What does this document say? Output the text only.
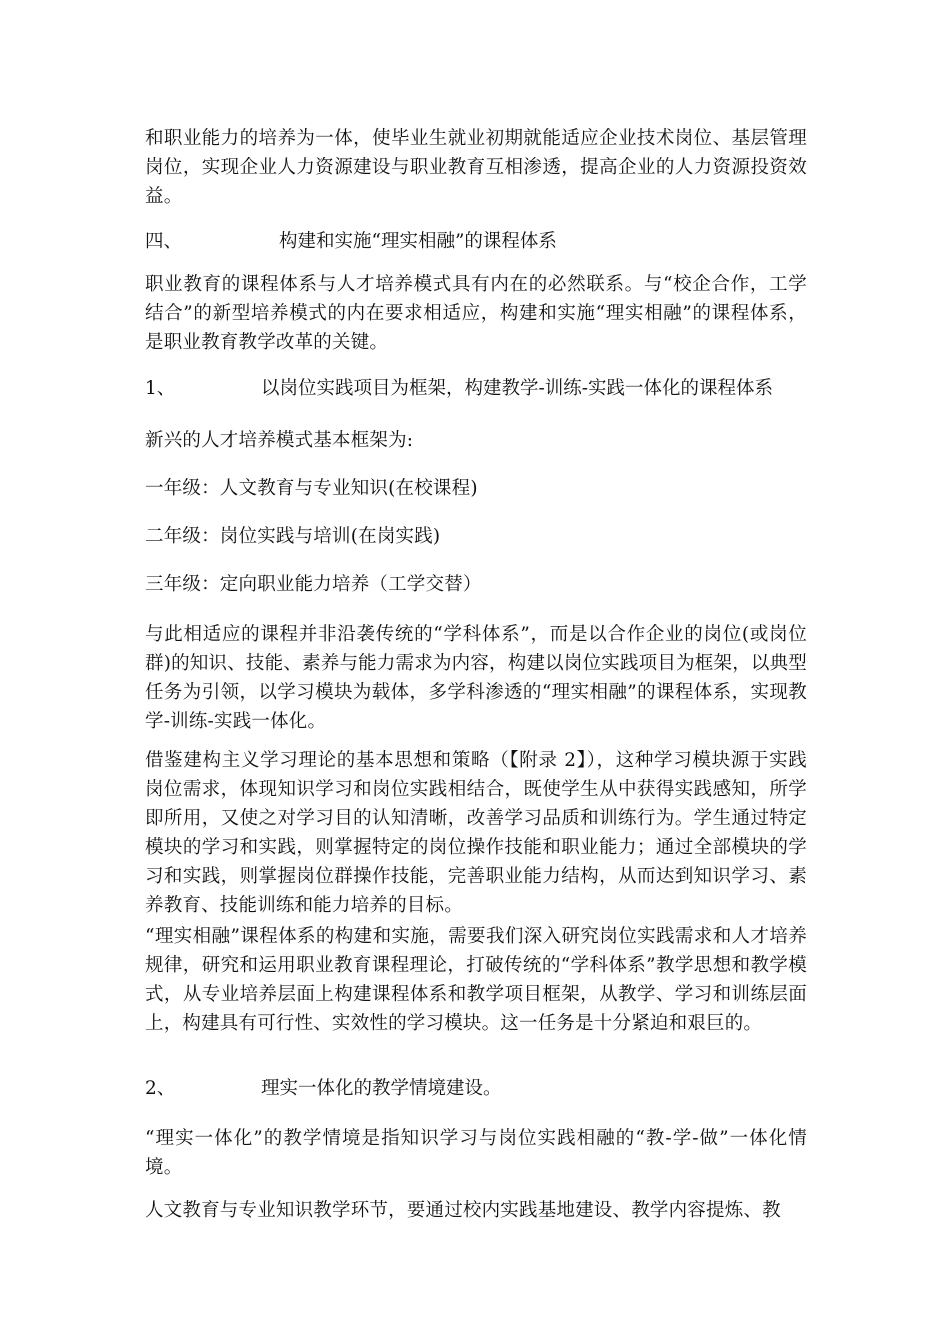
和职业能力的培养为一体，使毕业生就业初期就能适应企业技术岗位、基层管理岗位，实现企业人力资源建设与职业教育互相渗透，提高企业的人力资源投资效益。

四、	构建和实施“理实相融”的课程体系

职业教育的课程体系与人才培养模式具有内在的必然联系。与“校企合作，工学结合”的新型培养模式的内在要求相适应，构建和实施“理实相融”的课程体系，是职业教育教学改革的关键。

1、	以岗位实践项目为框架，构建教学-训练-实践一体化的课程体系

新兴的人才培养模式基本框架为:

一年级：人文教育与专业知识(在校课程)

二年级：岗位实践与培训(在岗实践)

三年级：定向职业能力培养（工学交替）

与此相适应的课程并非沿袭传统的“学科体系”，而是以合作企业的岗位(或岗位群)的知识、技能、素养与能力需求为内容，构建以岗位实践项目为框架，以典型任务为引领，以学习模块为载体，多学科渗透的“理实相融”的课程体系，实现教学-训练-实践一体化。

借鉴建构主义学习理论的基本思想和策略（【附录 2】），这种学习模块源于实践岗位需求，体现知识学习和岗位实践相结合，既使学生从中获得实践感知，所学即所用，又使之对学习目的认知清晰，改善学习品质和训练行为。学生通过特定模块的学习和实践，则掌握特定的岗位操作技能和职业能力；通过全部模块的学习和实践，则掌握岗位群操作技能，完善职业能力结构，从而达到知识学习、素养教育、技能训练和能力培养的目标。

“理实相融”课程体系的构建和实施，需要我们深入研究岗位实践需求和人才培养规律，研究和运用职业教育课程理论，打破传统的“学科体系”教学思想和教学模式，从专业培养层面上构建课程体系和教学项目框架，从教学、学习和训练层面上，构建具有可行性、实效性的学习模块。这一任务是十分紧迫和艰巨的。

2、	理实一体化的教学情境建设。

“理实一体化”的教学情境是指知识学习与岗位实践相融的“教-学-做”一体化情境。

人文教育与专业知识教学环节，要通过校内实践基地建设、教学内容提炼、教
